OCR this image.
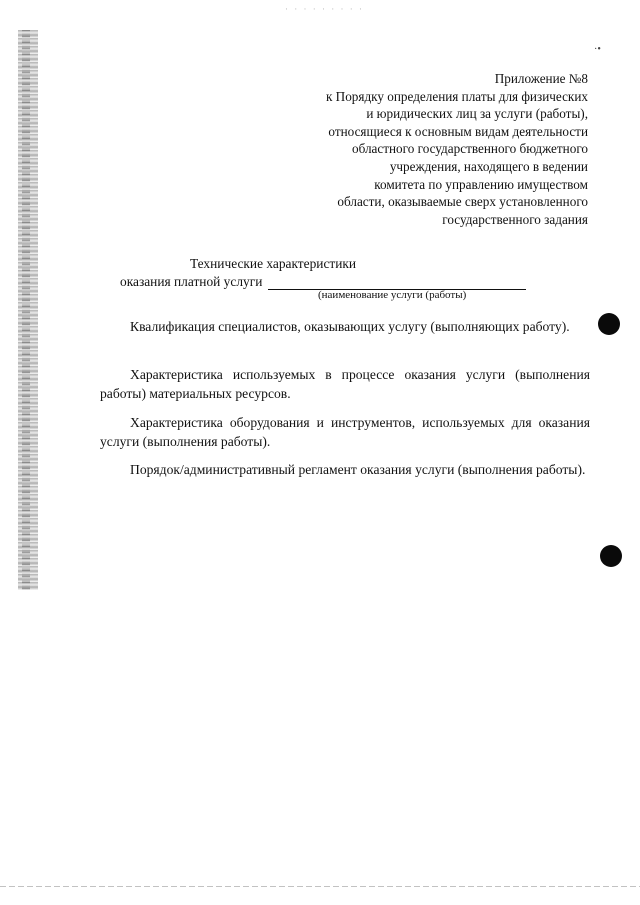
· · · · · · · · ·
·•
Приложение №8
к Порядку определения платы для физических
и юридических лиц за услуги (работы),
относящиеся к основным видам деятельности
областного государственного бюджетного
учреждения, находящего в ведении
комитета по управлению имуществом
области, оказываемые сверх установленного
государственного задания
Технические характеристики
оказания платной услуги
(наименование услуги (работы)

Квалификация специалистов, оказывающих услугу (выполняющих работу).

Характеристика используемых в процессе оказания услуги (выполнения работы) материальных ресурсов.

Характеристика оборудования и инструментов, используемых для оказания услуги (выполнения работы).

Порядок/административный регламент оказания услуги (выполнения работы).
